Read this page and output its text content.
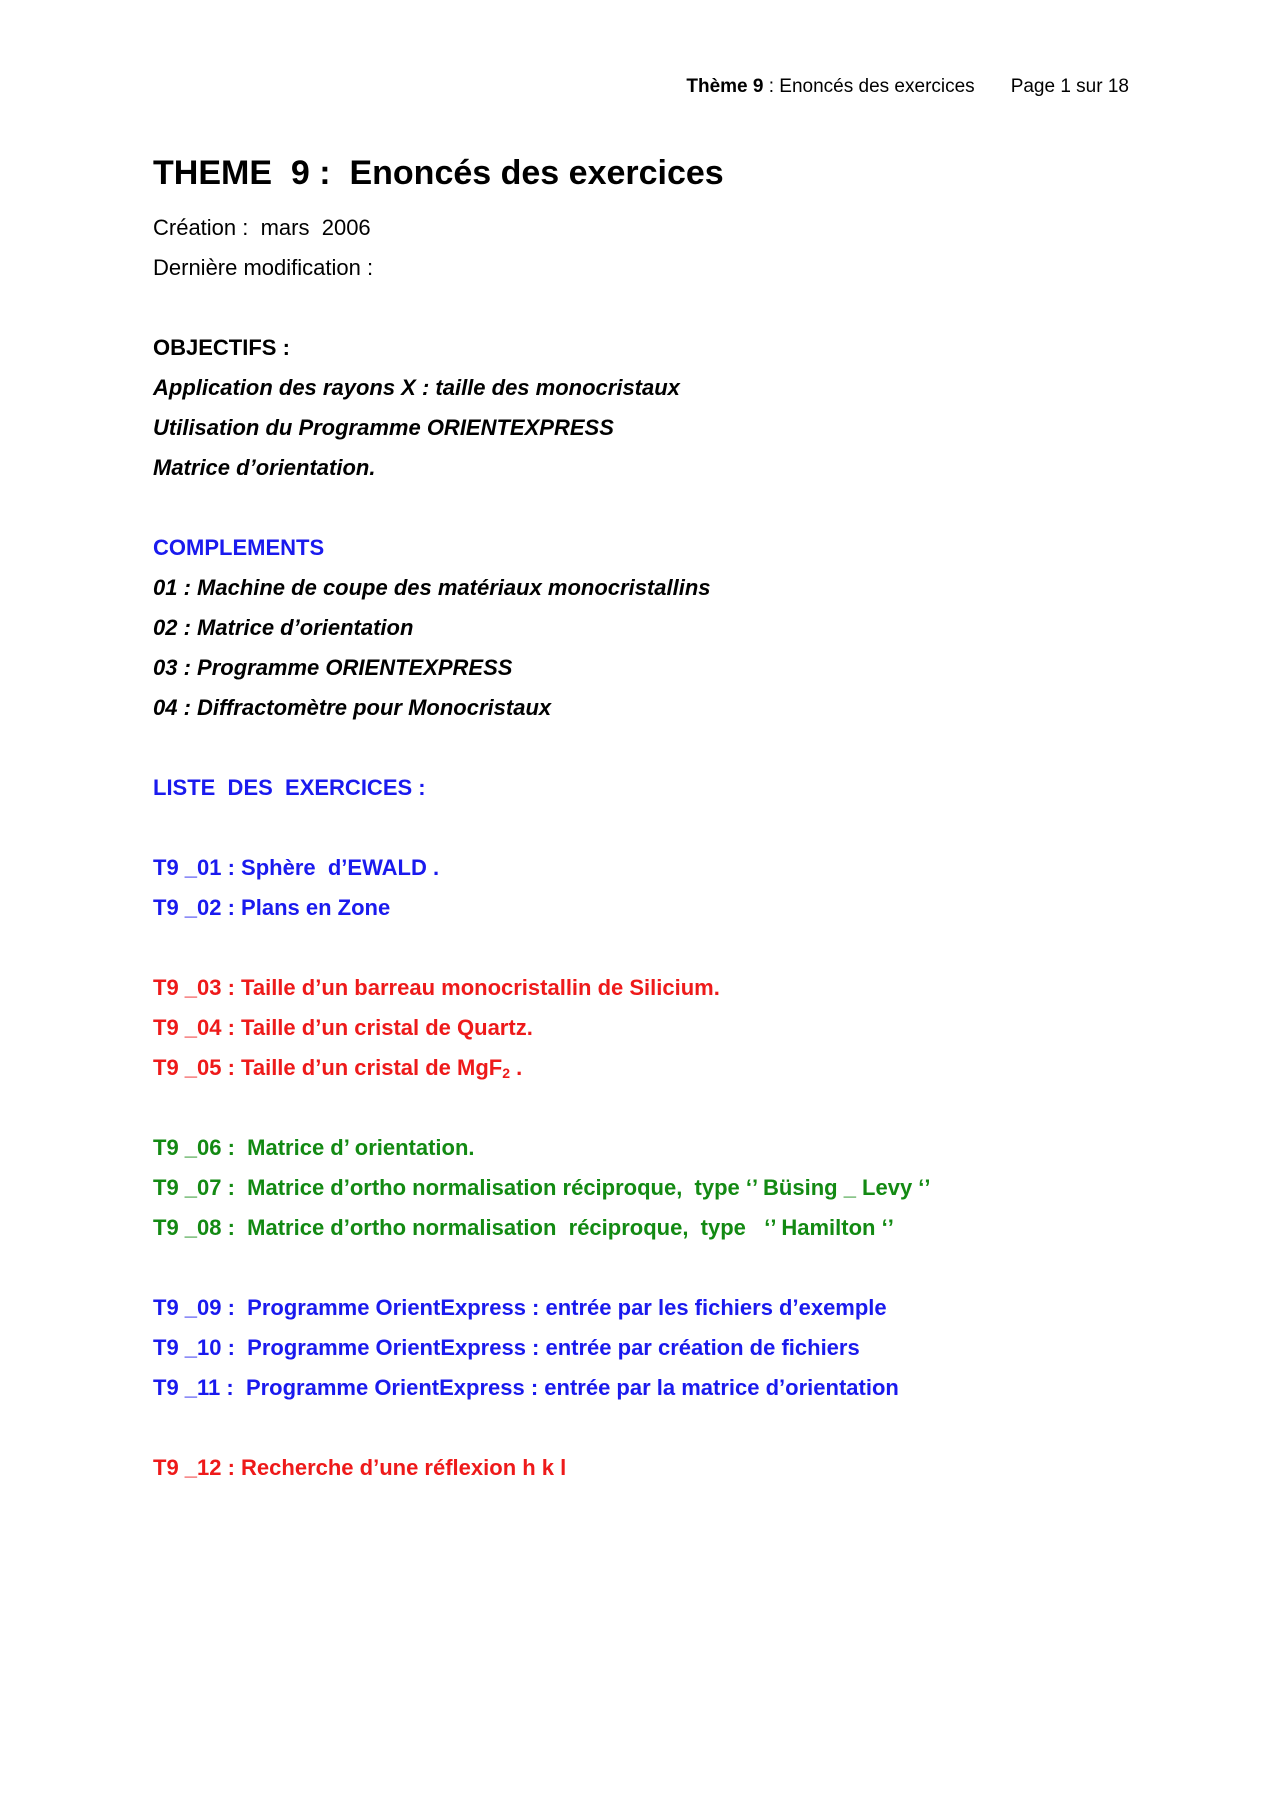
Thème 9 : Enoncés des exercices Page 1 sur 18
THEME  9 :  Enoncés des exercices
Création :  mars  2006
Dernière modification :
OBJECTIFS :
Application des rayons X : taille des monocristaux
Utilisation du Programme ORIENTEXPRESS
Matrice d’orientation.
COMPLEMENTS
01 : Machine de coupe des matériaux monocristallins
02 : Matrice d’orientation
03 : Programme ORIENTEXPRESS
04 : Diffractomètre pour Monocristaux
LISTE  DES  EXERCICES :
T9 _01 : Sphère  d’EWALD .
T9 _02 : Plans en Zone
T9 _03 : Taille d’un barreau monocristallin de Silicium.
T9 _04 : Taille d’un cristal de Quartz.
T9 _05 : Taille d’un cristal de MgF$_2$ .
T9 _06 :  Matrice d’ orientation.
T9 _07 :  Matrice d’ortho normalisation réciproque,  type ‘’ Büsing _ Levy ‘’
T9 _08 :  Matrice d’ortho normalisation  réciproque,  type   ‘’ Hamilton ‘’
T9 _09 :  Programme OrientExpress : entrée par les fichiers d’exemple
T9 _10 :  Programme OrientExpress : entrée par création de fichiers
T9 _11 :  Programme OrientExpress : entrée par la matrice d’orientation
T9 _12 : Recherche d’une réflexion h k l
